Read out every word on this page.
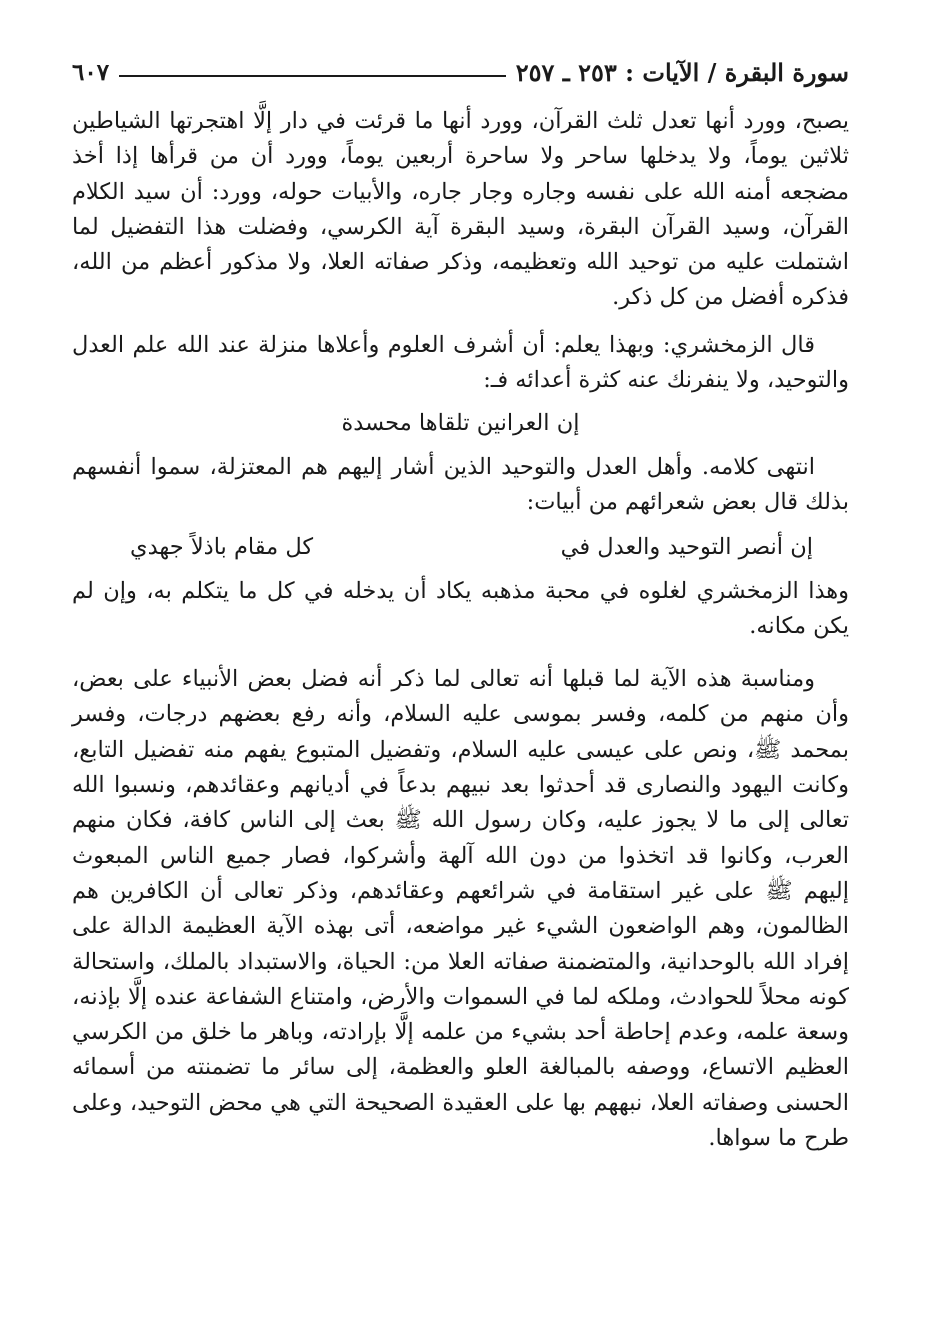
سورة البقرة / الآيات : ٢٥٣ ـ ٢٥٧
٦٠٧

يصبح، وورد أنها تعدل ثلث القرآن، وورد أنها ما قرئت في دار إلَّا اهتجرتها الشياطين ثلاثين يوماً، ولا يدخلها ساحر ولا ساحرة أربعين يوماً، وورد أن من قرأها إذا أخذ مضجعه أمنه الله على نفسه وجاره وجار جاره، والأبيات حوله، وورد: أن سيد الكلام القرآن، وسيد القرآن البقرة، وسيد البقرة آية الكرسي، وفضلت هذا التفضيل لما اشتملت عليه من توحيد الله وتعظيمه، وذكر صفاته العلا، ولا مذكور أعظم من الله، فذكره أفضل من كل ذكر.

قال الزمخشري: وبهذا يعلم: أن أشرف العلوم وأعلاها منزلة عند الله علم العدل والتوحيد، ولا ينفرنك عنه كثرة أعدائه فـ:

إن العرانين تلقاها محسدة

انتهى كلامه. وأهل العدل والتوحيد الذين أشار إليهم هم المعتزلة، سموا أنفسهم بذلك قال بعض شعرائهم من أبيات:

إن أنصر التوحيد والعدل في
كل مقام باذلاً جهدي

وهذا الزمخشري لغلوه في محبة مذهبه يكاد أن يدخله في كل ما يتكلم به، وإن لم يكن مكانه.

ومناسبة هذه الآية لما قبلها أنه تعالى لما ذكر أنه فضل بعض الأنبياء على بعض، وأن منهم من كلمه، وفسر بموسى عليه السلام، وأنه رفع بعضهم درجات، وفسر بمحمد ﷺ، ونص على عيسى عليه السلام، وتفضيل المتبوع يفهم منه تفضيل التابع، وكانت اليهود والنصارى قد أحدثوا بعد نبيهم بدعاً في أديانهم وعقائدهم، ونسبوا الله تعالى إلى ما لا يجوز عليه، وكان رسول الله ﷺ بعث إلى الناس كافة، فكان منهم العرب، وكانوا قد اتخذوا من دون الله آلهة وأشركوا، فصار جميع الناس المبعوث إليهم ﷺ على غير استقامة في شرائعهم وعقائدهم، وذكر تعالى أن الكافرين هم الظالمون، وهم الواضعون الشيء غير مواضعه، أتى بهذه الآية العظيمة الدالة على إفراد الله بالوحدانية، والمتضمنة صفاته العلا من: الحياة، والاستبداد بالملك، واستحالة كونه محلاً للحوادث، وملكه لما في السموات والأرض، وامتناع الشفاعة عنده إلَّا بإذنه، وسعة علمه، وعدم إحاطة أحد بشيء من علمه إلَّا بإرادته، وباهر ما خلق من الكرسي العظيم الاتساع، ووصفه بالمبالغة العلو والعظمة، إلى سائر ما تضمنته من أسمائه الحسنى وصفاته العلا، نبههم بها على العقيدة الصحيحة التي هي محض التوحيد، وعلى طرح ما سواها.
